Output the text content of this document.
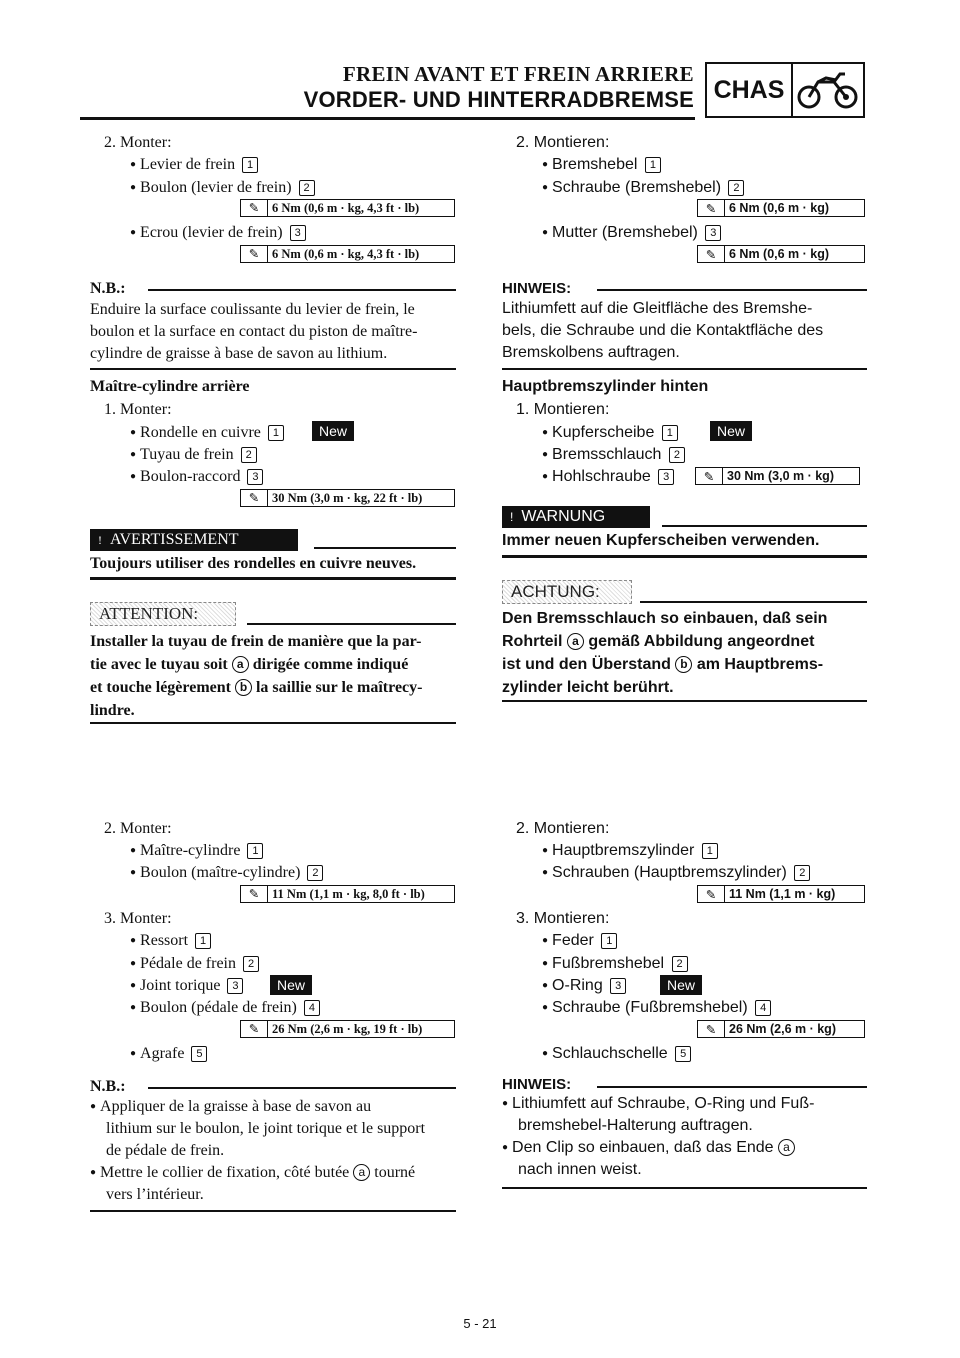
FREIN AVANT ET FREIN ARRIERE
VORDER- UND HINTERRADBREMSE CHAS
2. Monter:
● Levier de frein 1
● Boulon (levier de frein) 2
✎	6 Nm (0,6 m · kg, 4,3 ft · lb)
● Ecrou (levier de frein) 3
✎	6 Nm (0,6 m · kg, 4,3 ft · lb)
N.B.:
Enduire la surface coulissante du levier de frein, le
boulon et la surface en contact du piston de maître-
cylindre de graisse à base de savon au lithium.
Maître-cylindre arrière
1. Monter:
● Rondelle en cuivre 1	New
● Tuyau de frein 2
● Boulon-raccord 3
✎	30 Nm (3,0 m · kg, 22 ft · lb)
! AVERTISSEMENT
Toujours utiliser des rondelles en cuivre neuves.
ATTENTION:
Installer la tuyau de frein de manière que la par-
tie avec le tuyau soit a dirigée comme indiqué
et touche légèrement b la saillie sur le maîtrecy-
lindre.
2. Montieren:
● Bremshebel 1
● Schraube (Bremshebel) 2
✎	6 Nm (0,6 m · kg)
● Mutter (Bremshebel) 3
✎	6 Nm (0,6 m · kg)
HINWEIS:
Lithiumfett auf die Gleitfläche des Bremshe-
bels, die Schraube und die Kontaktfläche des
Bremskolbens auftragen.
Hauptbremszylinder hinten
1. Montieren:
● Kupferscheibe 1	New
● Bremsschlauch 2
● Hohlschraube 3	✎	30 Nm (3,0 m · kg)
! WARNUNG
Immer neuen Kupferscheiben verwenden.
ACHTUNG:
Den Bremsschlauch so einbauen, daß sein
Rohrteil a gemäß Abbildung angeordnet
ist und den Überstand b am Hauptbrems-
zylinder leicht berührt.
2. Monter:
● Maître-cylindre 1
● Boulon (maître-cylindre) 2
✎	11 Nm (1,1 m · kg, 8,0 ft · lb)
3. Monter:
● Ressort 1
● Pédale de frein 2
● Joint torique 3	New
● Boulon (pédale de frein) 4
✎	26 Nm (2,6 m · kg, 19 ft · lb)
● Agrafe 5
N.B.:
● Appliquer de la graisse à base de savon au
lithium sur le boulon, le joint torique et le support
de pédale de frein.
● Mettre le collier de fixation, côté butée a tourné
vers l’intérieur.
2. Montieren:
● Hauptbremszylinder 1
● Schrauben (Hauptbremszylinder) 2
✎	11 Nm (1,1 m · kg)
3. Montieren:
● Feder 1
● Fußbremshebel 2
● O-Ring 3	New
● Schraube (Fußbremshebel) 4
✎	26 Nm (2,6 m · kg)
● Schlauchschelle 5
HINWEIS:
● Lithiumfett auf Schraube, O-Ring und Fuß-
bremshebel-Halterung auftragen.
● Den Clip so einbauen, daß das Ende a
nach innen weist.
5 - 21
